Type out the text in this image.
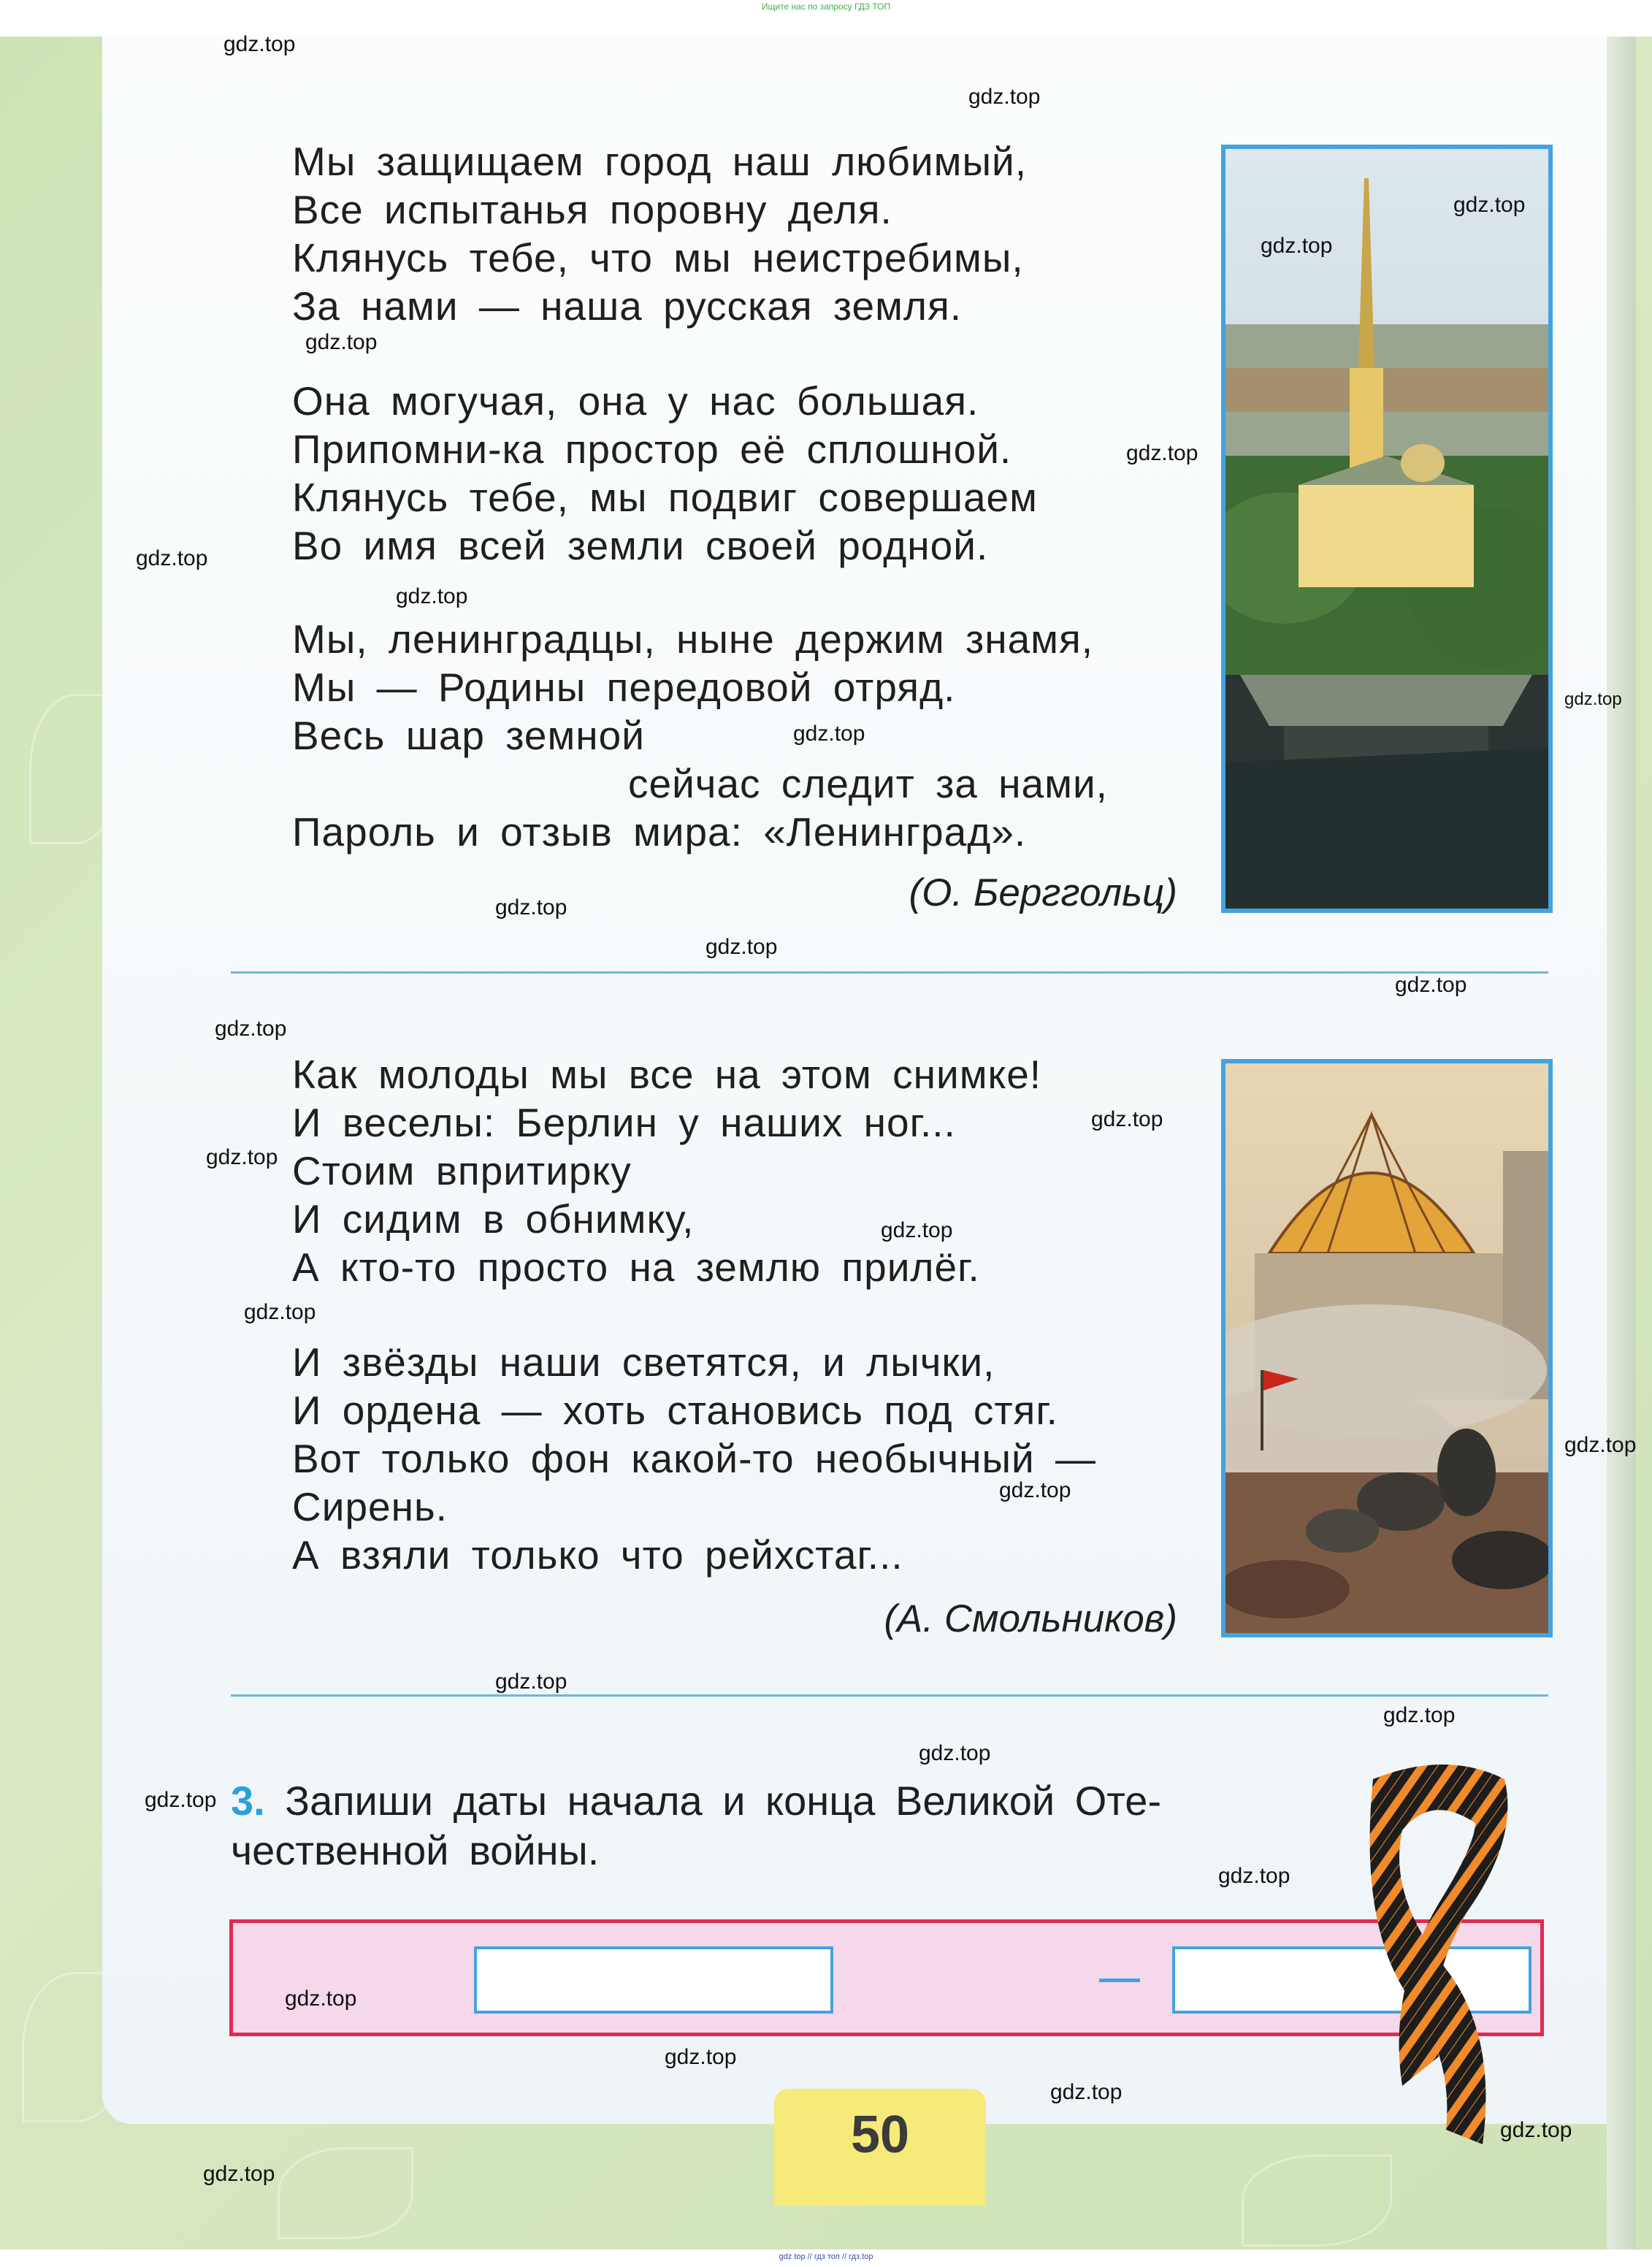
Ищите нас по запросу ГДЗ ТОП
Мы защищаем город наш любимый,
Все испытанья поровну деля.
Клянусь тебе, что мы неистребимы,
За нами — наша русская земля.
Она могучая, она у нас большая.
Припомни-ка простор её сплошной.
Клянусь тебе, мы подвиг совершаем
Во имя всей земли своей родной.
Мы, ленинградцы, ныне держим знамя,
Мы — Родины передовой отряд.
Весь шар земной
сейчас следит за нами,
Пароль и отзыв мира: «Ленинград».
(О. Берггольц)
Как молоды мы все на этом снимке!
И веселы: Берлин у наших ног...
Стоим впритирку
И сидим в обнимку,
А кто-то просто на землю прилёг.
И звёзды наши светятся, и лычки,
И ордена — хоть становись под стяг.
Вот только фон какой-то необычный —
Сирень.
А взяли только что рейхстаг...
(А. Смольников)
3. Запиши даты начала и конца Великой Оте-
чественной войны.
50
gdz.top
gdz.top
gdz.top
gdz.top
gdz.top
gdz.top
gdz.top
gdz.top
gdz.top
gdz.top
gdz.top
gdz.top
gdz.top
gdz.top
gdz.top
gdz.top
gdz.top
gdz.top
gdz.top
gdz.top
gdz.top
gdz.top
gdz.top
gdz.top
gdz.top
gdz.top
gdz.top
gdz.top
gdz.top
gdz.top
gdz top // гдз топ // гдз.top
